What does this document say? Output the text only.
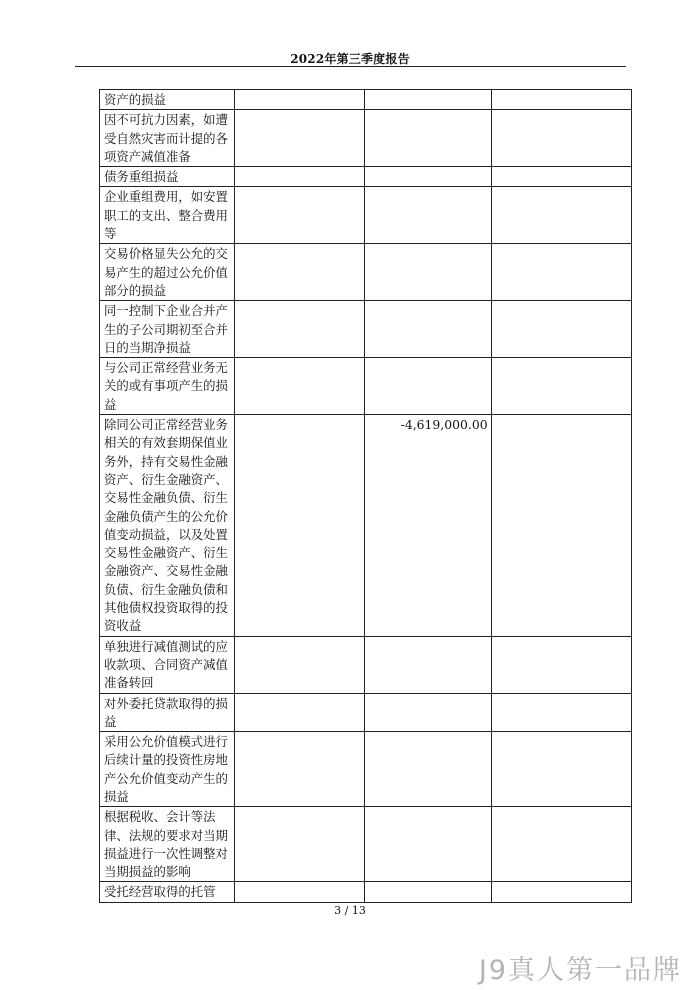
2022年第三季度报告
资产的损益			
因不可抗力因素，如遭受自然灾害而计提的各项资产减值准备			
债务重组损益			
企业重组费用，如安置职工的支出、整合费用等			
交易价格显失公允的交易产生的超过公允价值部分的损益			
同一控制下企业合并产生的子公司期初至合并日的当期净损益			
与公司正常经营业务无关的或有事项产生的损益			
除同公司正常经营业务相关的有效套期保值业务外，持有交易性金融资产、衍生金融资产、交易性金融负债、衍生金融负债产生的公允价值变动损益，以及处置交易性金融资产、衍生金融资产、交易性金融负债、衍生金融负债和其他债权投资取得的投资收益		-4,619,000.00	
单独进行减值测试的应收款项、合同资产减值准备转回			
对外委托贷款取得的损益			
采用公允价值模式进行后续计量的投资性房地产公允价值变动产生的损益			
根据税收、会计等法律、法规的要求对当期损益进行一次性调整对当期损益的影响			
受托经营取得的托管			
3 / 13
J9真人第一品牌
